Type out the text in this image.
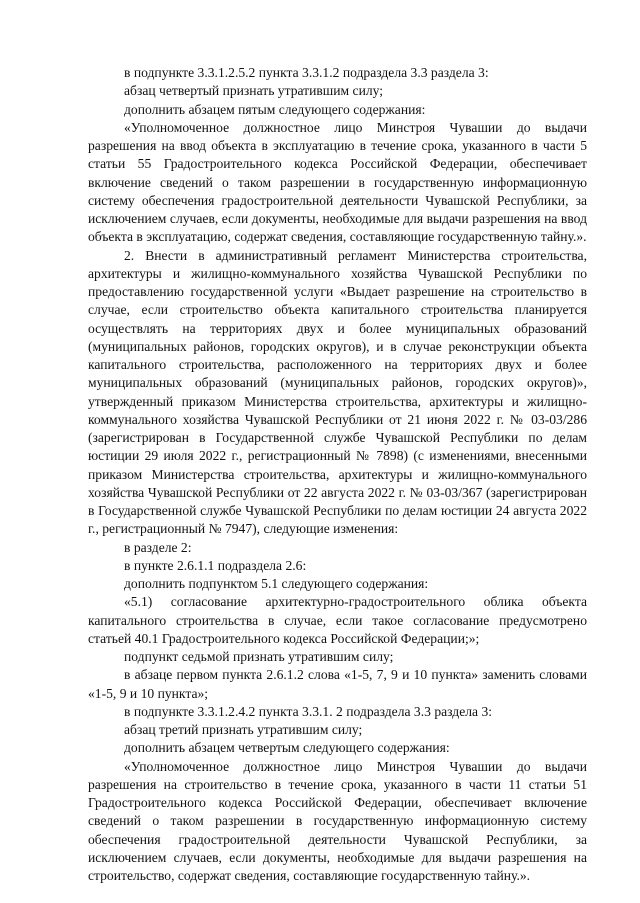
в подпункте 3.3.1.2.5.2 пункта 3.3.1.2 подраздела 3.3 раздела 3:

абзац четвертый признать утратившим силу;

дополнить абзацем пятым следующего содержания:

«Уполномоченное должностное лицо Минстроя Чувашии до выдачи разрешения на ввод объекта в эксплуатацию в течение срока, указанного в части 5 статьи 55 Градостроительного кодекса Российской Федерации, обеспечивает включение сведений о таком разрешении в государственную информационную систему обеспечения градостроительной деятельности Чувашской Республики, за исключением случаев, если документы, необходимые для выдачи разрешения на ввод объекта в эксплуатацию, содержат сведения, составляющие государственную тайну.».

2. Внести в административный регламент Министерства строительства, архитектуры и жилищно-коммунального хозяйства Чувашской Республики по предоставлению государственной услуги «Выдает разрешение на строительство в случае, если строительство объекта капитального строительства планируется осуществлять на территориях двух и более муниципальных образований (муниципальных районов, городских округов), и в случае реконструкции объекта капитального строительства, расположенного на территориях двух и более муниципальных образований (муниципальных районов, городских округов)», утвержденный приказом Министерства строительства, архитектуры и жилищно-коммунального хозяйства Чувашской Республики от 21 июня 2022 г. № 03-03/286 (зарегистрирован в Государственной службе Чувашской Республики по делам юстиции 29 июля 2022 г., регистрационный № 7898) (с изменениями, внесенными приказом Министерства строительства, архитектуры и жилищно-коммунального хозяйства Чувашской Республики от 22 августа 2022 г. № 03-03/367 (зарегистрирован в Государственной службе Чувашской Республики по делам юстиции 24 августа 2022 г., регистрационный № 7947), следующие изменения:

в разделе 2:

в пункте 2.6.1.1 подраздела 2.6:

дополнить подпунктом 5.1 следующего содержания:

«5.1) согласование архитектурно-градостроительного облика объекта капитального строительства в случае, если такое согласование предусмотрено статьей 40.1 Градостроительного кодекса Российской Федерации;»;

подпункт седьмой признать утратившим силу;

в абзаце первом пункта 2.6.1.2 слова «1-5, 7, 9 и 10 пункта» заменить словами «1-5, 9 и 10 пункта»;

в подпункте 3.3.1.2.4.2 пункта 3.3.1. 2 подраздела 3.3 раздела 3:

абзац третий признать утратившим силу;

дополнить абзацем четвертым следующего содержания:

«Уполномоченное должностное лицо Минстроя Чувашии до выдачи разрешения на строительство в течение срока, указанного в части 11 статьи 51 Градостроительного кодекса Российской Федерации, обеспечивает включение сведений о таком разрешении в государственную информационную систему обеспечения градостроительной деятельности Чувашской Республики, за исключением случаев, если документы, необходимые для выдачи разрешения на строительство, содержат сведения, составляющие государственную тайну.».
